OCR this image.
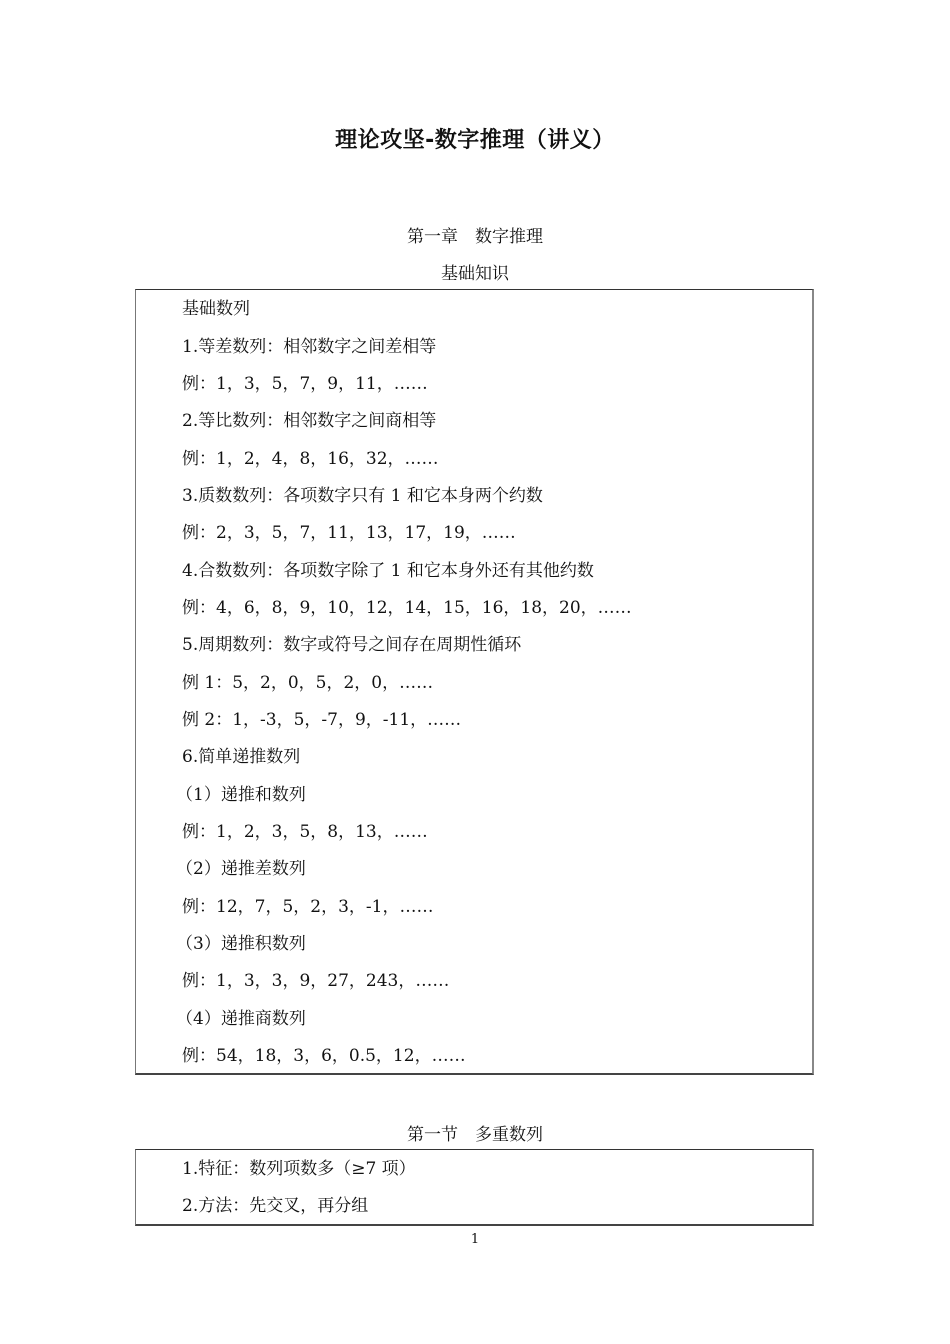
理论攻坚-数字推理（讲义）
第一章　数字推理
基础知识
基础数列
1.等差数列：相邻数字之间差相等
例：1，3，5，7，9，11，……
2.等比数列：相邻数字之间商相等
例：1，2，4，8，16，32，……
3.质数数列：各项数字只有 1 和它本身两个约数
例：2，3，5，7，11，13，17，19，……
4.合数数列：各项数字除了 1 和它本身外还有其他约数
例：4，6，8，9，10，12，14，15，16，18，20，……
5.周期数列：数字或符号之间存在周期性循环
例 1：5，2，0，5，2，0，……
例 2：1，-3，5，-7，9，-11，……
6.简单递推数列
（1）递推和数列
例：1，2，3，5，8，13，……
（2）递推差数列
例：12，7，5，2，3，-1，……
（3）递推积数列
例：1，3，3，9，27，243，……
（4）递推商数列
例：54，18，3，6，0.5，12，……
第一节　多重数列
1.特征：数列项数多（≥7 项）
2.方法：先交叉，再分组
1
